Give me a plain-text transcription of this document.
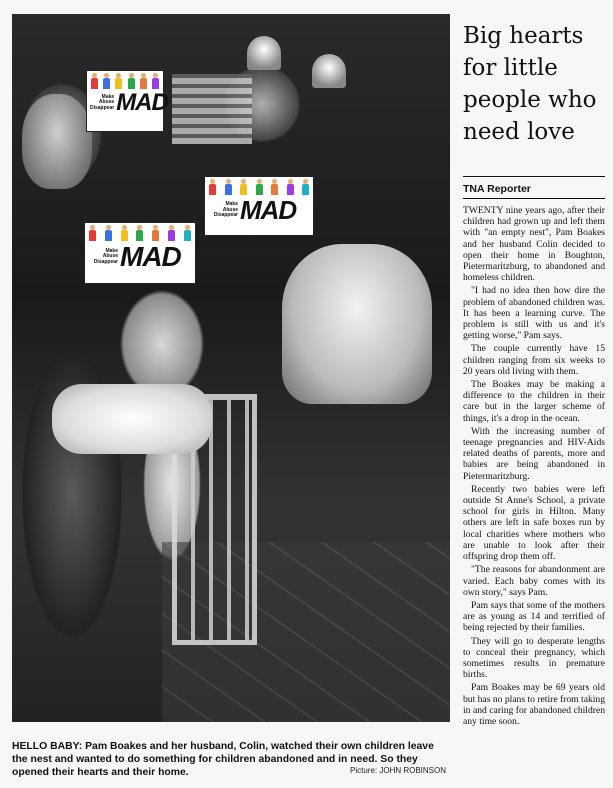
Make
Abuse
Disappear MAD
Make
Abuse
Disappear MAD
Make
Abuse
Disappear MAD
HELLO BABY: Pam Boakes and her husband, Colin, watched their own children leave the nest and wanted to do something for children abandoned and in need. So they opened their hearts and their home.	Picture: JOHN ROBINSON
Big hearts for little people who need love
TNA Reporter

TWENTY nine years ago, after their children had grown up and left them with "an empty nest", Pam Boakes and her husband Colin decided to open their home in Boughton, Pietermaritzburg, to abandoned and homeless children.

"I had no idea then how dire the problem of abandoned children was. It has been a learning curve. The problem is still with us and it's getting worse," Pam says.

The couple currently have 15 children ranging from six weeks to 20 years old living with them.

The Boakes may be making a difference to the children in their care but in the larger scheme of things, it's a drop in the ocean.

With the increasing number of teenage pregnancies and HIV-Aids related deaths of parents, more and babies are being abandoned in Pietermaritzburg.

Recently two babies were left outside St Anne's School, a private school for girls in Hilton. Many others are left in safe boxes run by local charities where mothers who are unable to look after their offspring drop them off.

"The reasons for abandonment are varied. Each baby comes with its own story," says Pam.

Pam says that some of the mothers are as young as 14 and terrified of being rejected by their families.

They will go to desperate lengths to conceal their pregnancy, which sometimes results in premature births.

Pam Boakes may be 69 years old but has no plans to retire from taking in and caring for abandoned children any time soon.
